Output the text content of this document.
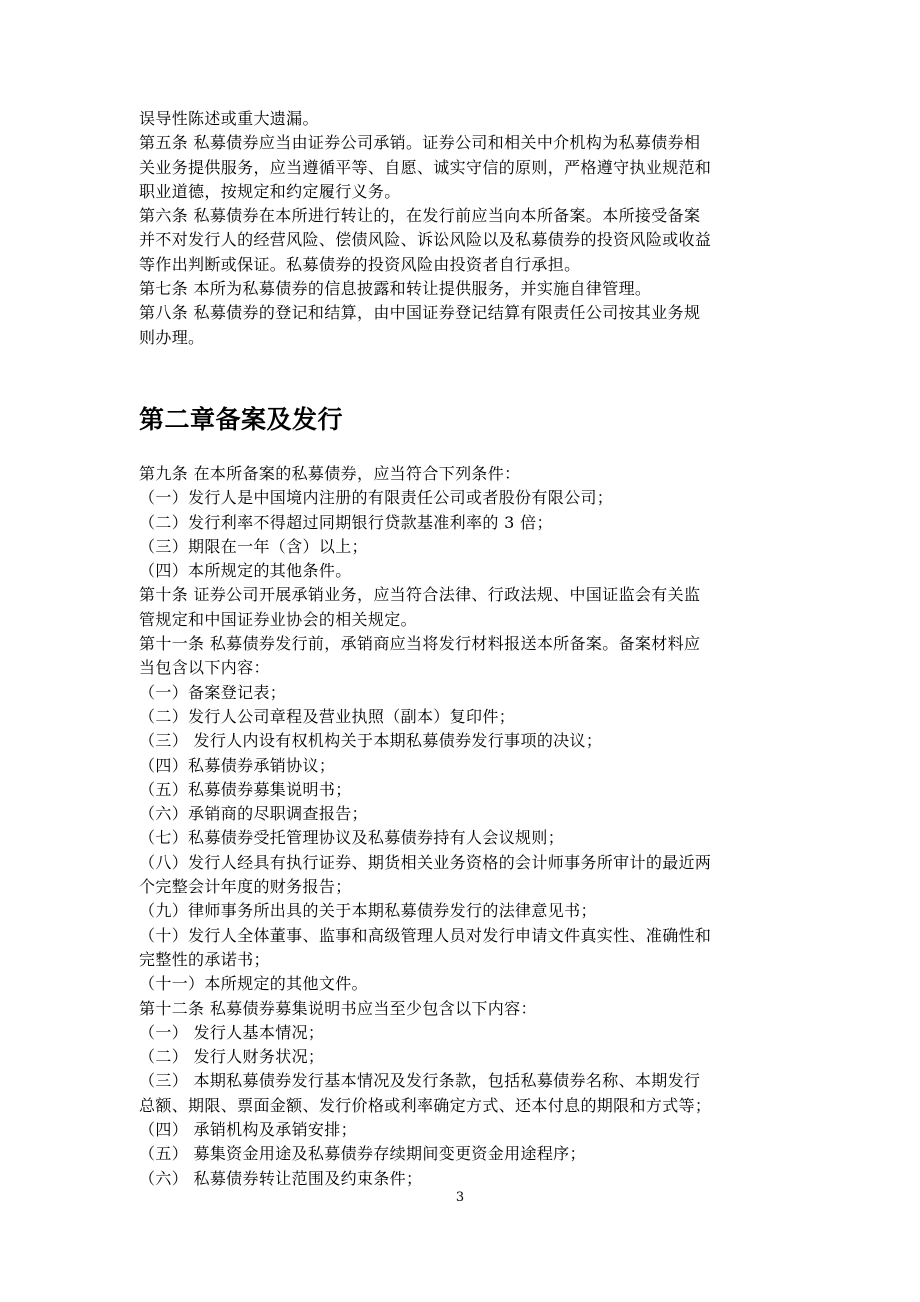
误导性陈述或重大遗漏。
第五条 私募债券应当由证券公司承销。证券公司和相关中介机构为私募债券相
关业务提供服务，应当遵循平等、自愿、诚实守信的原则，严格遵守执业规范和
职业道德，按规定和约定履行义务。
第六条 私募债券在本所进行转让的，在发行前应当向本所备案。本所接受备案
并不对发行人的经营风险、偿债风险、诉讼风险以及私募债券的投资风险或收益
等作出判断或保证。私募债券的投资风险由投资者自行承担。
第七条 本所为私募债券的信息披露和转让提供服务，并实施自律管理。
第八条 私募债券的登记和结算，由中国证券登记结算有限责任公司按其业务规
则办理。
第二章备案及发行
第九条 在本所备案的私募债券，应当符合下列条件：
（一）发行人是中国境内注册的有限责任公司或者股份有限公司；
（二）发行利率不得超过同期银行贷款基准利率的 3 倍；
（三）期限在一年（含）以上；
（四）本所规定的其他条件。
第十条 证券公司开展承销业务，应当符合法律、行政法规、中国证监会有关监
管规定和中国证券业协会的相关规定。
第十一条 私募债券发行前，承销商应当将发行材料报送本所备案。备案材料应
当包含以下内容：
（一）备案登记表；
（二）发行人公司章程及营业执照（副本）复印件；
（三） 发行人内设有权机构关于本期私募债券发行事项的决议；
（四）私募债券承销协议；
（五）私募债券募集说明书；
（六）承销商的尽职调查报告；
（七）私募债券受托管理协议及私募债券持有人会议规则；
（八）发行人经具有执行证券、期货相关业务资格的会计师事务所审计的最近两
个完整会计年度的财务报告；
（九）律师事务所出具的关于本期私募债券发行的法律意见书；
（十）发行人全体董事、监事和高级管理人员对发行申请文件真实性、准确性和
完整性的承诺书；
（十一）本所规定的其他文件。
第十二条 私募债券募集说明书应当至少包含以下内容：
（一） 发行人基本情况；
（二） 发行人财务状况；
（三） 本期私募债券发行基本情况及发行条款，包括私募债券名称、本期发行
总额、期限、票面金额、发行价格或利率确定方式、还本付息的期限和方式等；
（四） 承销机构及承销安排；
（五） 募集资金用途及私募债券存续期间变更资金用途程序；
（六） 私募债券转让范围及约束条件；
3
